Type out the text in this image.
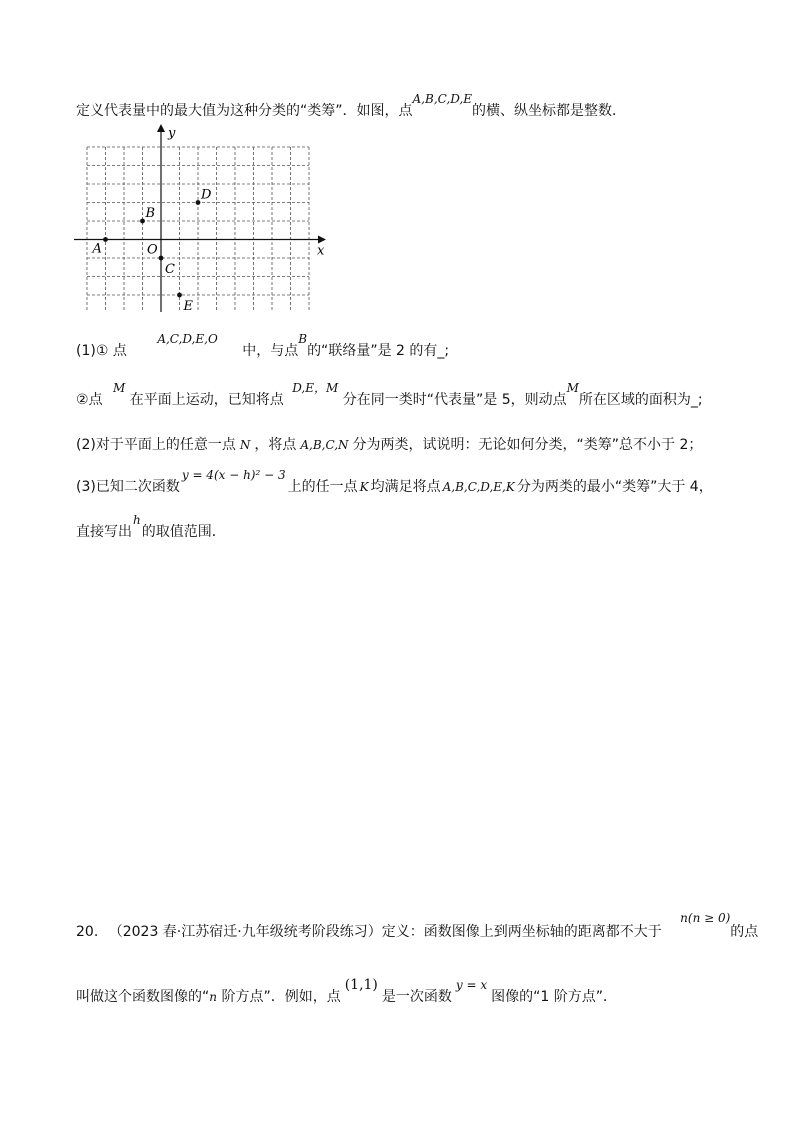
定义代表量中的最大值为这种分类的“类筹”．如图，点A,B,C,D,E的横、纵坐标都是整数．
x
y
O
A
B
C
D
E
(1)① 点 A,C,D,E,O 中，与点B的“联络量”是 2 的有_;
②点 M 在平面上运动，已知将点 D,E，M 分在同一类时“代表量”是 5，则动点M所在区域的面积为_;
(2)对于平面上的任意一点 N ，将点 A,B,C,N 分为两类，试说明：无论如何分类，“类筹”总不小于 2；
(3)已知二次函数y = 4(x − h)² − 3上的任一点 K 均满足将点 A,B,C,D,E,K 分为两类的最小“类筹”大于 4，
直接写出h的取值范围．
20. （2023 春·江苏宿迁·九年级统考阶段练习）定义：函数图像上到两坐标轴的距离都不大于 n(n ≥ 0)的点
叫做这个函数图像的“n 阶方点”．例如，点(1,1)是一次函数y = x图像的“1 阶方点”．
